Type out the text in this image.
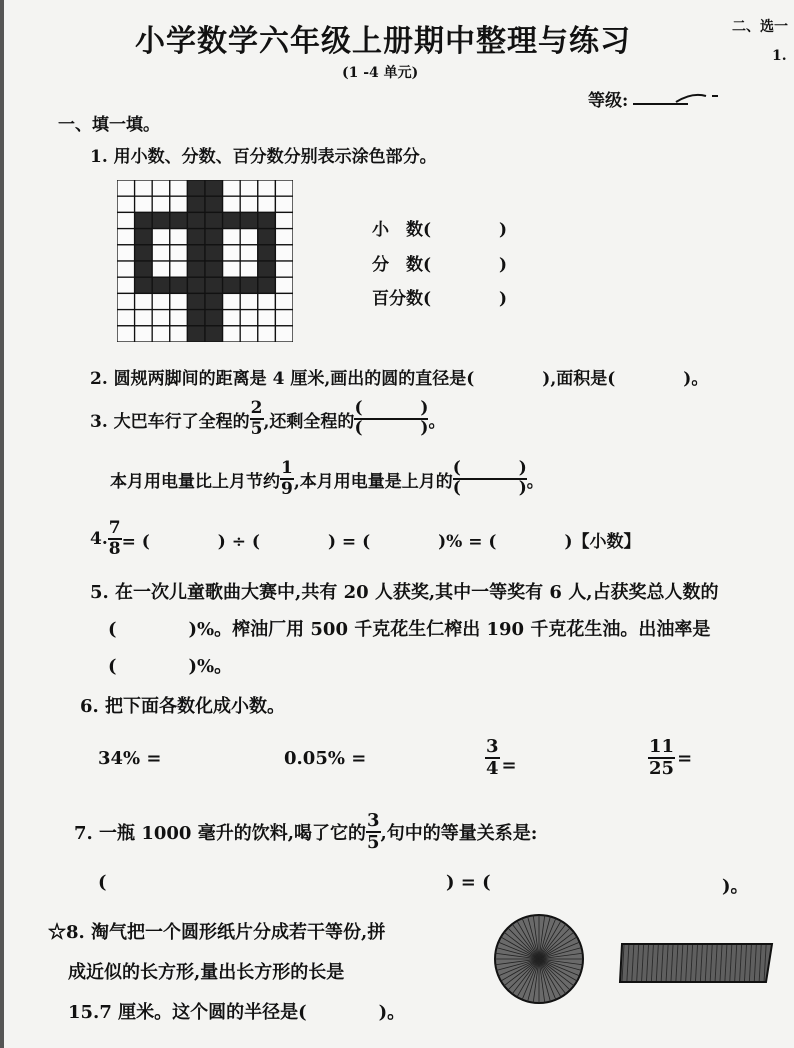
小学数学六年级上册期中整理与练习
(1 -4 单元)
二、选一
1.
等级:
一、填一填。
1. 用小数、分数、百分数分别表示涂色部分。
小　数(　　　　)
分　数(　　　　)
百分数(　　　　)
2. 圆规两脚间的距离是 4 厘米,画出的圆的直径是(　　　　),面积是(　　　　)。
3. 大巴车行了全程的 $\frac{2}{5}$ ,还剩全程的
(	)
(	) 。
本月用电量比上月节约 $\frac{1}{9}$ ,本月用电量是上月的
(	)
(	) 。
4. $\frac{7}{8}$ = (　　　　) ÷ (　　　　) = (　　　　)% = (　　　　)【小数】
5. 在一次儿童歌曲大赛中,共有 20 人获奖,其中一等奖有 6 人,占获奖总人数的
(　　　　)%。榨油厂用 500 千克花生仁榨出 190 千克花生油。出油率是
(　　　　)%。
6. 把下面各数化成小数。
34% =	0.05% =	$\frac{3}{4}$ =	$\frac{11}{25}$ =
7. 一瓶 1000 毫升的饮料,喝了它的 $\frac{3}{5}$ ,句中的等量关系是:
(	) = (	)。
☆8. 淘气把一个圆形纸片分成若干等份,拼
成近似的长方形,量出长方形的长是
15.7 厘米。这个圆的半径是(　　　　)。
